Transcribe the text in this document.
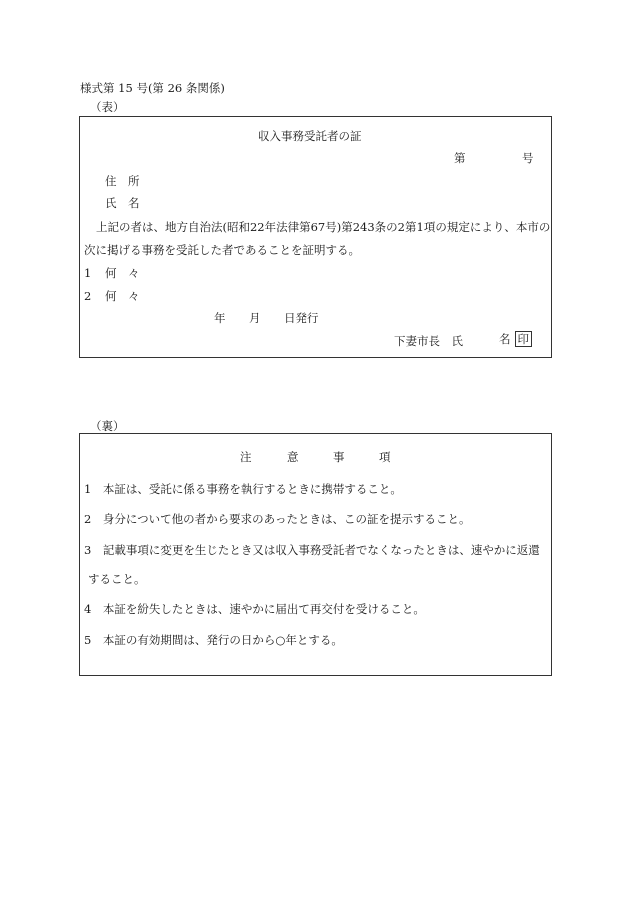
様式第 15 号(第 26 条関係)
（表）
収入事務受託者の証
第	号
住　所
氏　名
上記の者は、地方自治法(昭和22年法律第67号)第243条の2第1項の規定により、本市の
次に掲げる事務を受託した者であることを証明する。
1 何　々
2 何　々
年 月 日発行
下妻市長　氏	名 印
（裏）
注	意	事	項
1　本証は、受託に係る事務を執行するときに携帯すること。
2　身分について他の者から要求のあったときは、この証を提示すること。
3　記載事項に変更を生じたとき又は収入事務受託者でなくなったときは、速やかに返還
すること。
4　本証を紛失したときは、速やかに届出て再交付を受けること。
5　本証の有効期間は、発行の日から○年とする。
